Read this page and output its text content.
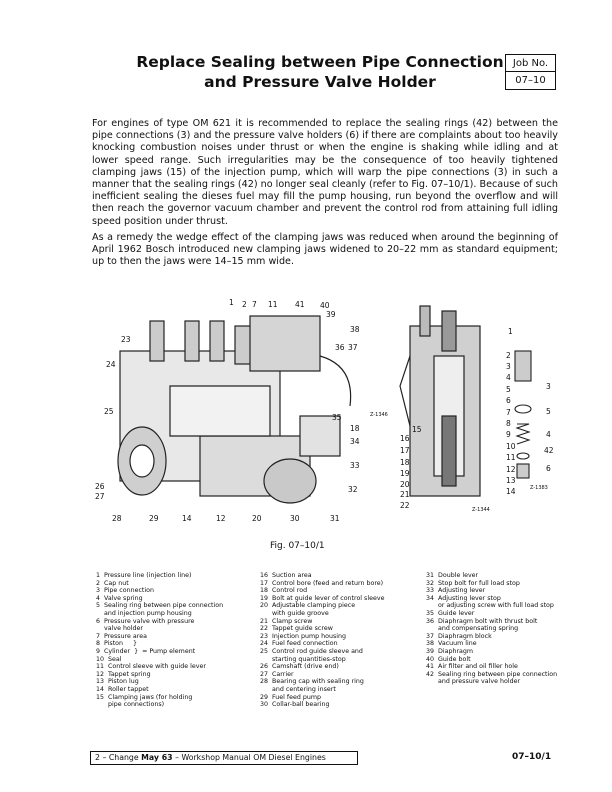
Replace Sealing between Pipe Connection
and Pressure Valve Holder
Job No.
07–10

For engines of type OM 621 it is recommended to replace the sealing rings (42) between the pipe connections (3) and the pressure valve holders (6) if there are complaints about too heavily knocking combustion noises under thrust or when the engine is shaking while idling and at lower speed range. Such irregularities may be the consequence of too heavily tightened clamping jaws (15) of the injection pump, which will warp the pipe connections (3) in such a manner that the sealing rings (42) no longer seal cleanly (refer to Fig. 07–10/1). Because of such inefficient sealing the dieses fuel may fill the pump housing, run beyond the overflow and will then reach the governor vacuum chamber and prevent the control rod from attaining full idling speed position under thrust.

As a remedy the wedge effect of the clamping jaws was reduced when around the beginning of April 1962 Bosch introduced new clamping jaws widened to 20–22 mm as standard equipment; up to then the jaws were 14–15 mm wide.

1 2 7 11 41 40
39
38
36 37
23
24
25
35
18
34
33
32
26
27
28	29	14	12	20	30	31
Z-1346
15
16
17
18
19
20
21
22	Z-1344
1
2
3
4
5
6
7
8
9
10
11
12
13
14
3
5
4
42
6
Z-1383
Fig. 07–10/1
1  Pressure line (injection line)
2  Cap nut
3  Pipe connection
4  Valve spring
5  Sealing ring between pipe connection
and injection pump housing
6  Pressure valve with pressure
valve holder
7  Pressure area
8  Piston     }
9  Cylinder  }  = Pump element
10  Seal
11  Control sleeve with guide lever
12  Tappet spring
13  Piston lug
14  Roller tappet
15  Clamping jaws (for holding
pipe connections)
16  Suction area
17  Control bore (feed and return bore)
18  Control rod
19  Bolt at guide lever of control sleeve
20  Adjustable clamping piece
with guide groove
21  Clamp screw
22  Tappet guide screw
23  Injection pump housing
24  Fuel feed connection
25  Control rod guide sleeve and
starting quantities-stop
26  Camshaft (drive end)
27  Carrier
28  Bearing cap with sealing ring
and centering insert
29  Fuel feed pump
30  Collar-ball bearing
31  Double lever
32  Stop bolt for full load stop
33  Adjusting lever
34  Adjusting lever stop
or adjusting screw with full load stop
35  Guide lever
36  Diaphragm bolt with thrust bolt
and compensating spring
37  Diaphragm block
38  Vacuum line
39  Diaphragm
40  Guide bolt
41  Air filter and oil filler hole
42  Sealing ring between pipe connection
and pressure valve holder
2 – Change May 63 – Workshop Manual OM Diesel Engines	07–10/1
